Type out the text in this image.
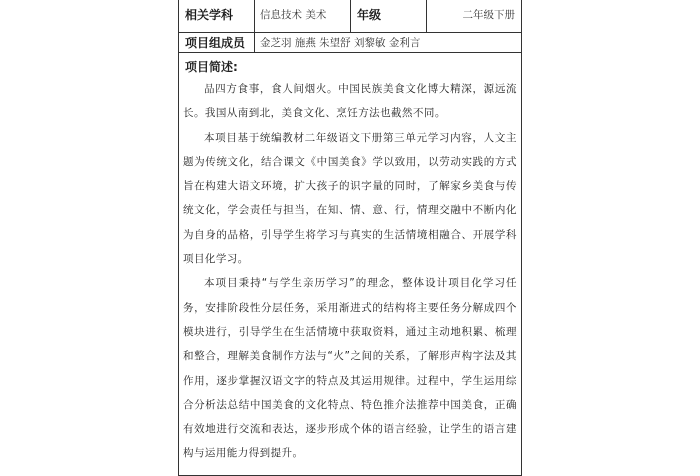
相关学科	信息技术 美术	年级	二年级下册
项目组成员	金芝羽 施燕 朱望舒 刘黎敏 金利言

项目简述:

品四方食事，食人间烟火。中国民族美食文化博大精深，源远流长。我国从南到北，美食文化、烹饪方法也截然不同。

本项目基于统编教材二年级语文下册第三单元学习内容，人文主题为传统文化，结合课文《中国美食》学以致用，以劳动实践的方式旨在构建大语文环境，扩大孩子的识字量的同时，了解家乡美食与传统文化，学会责任与担当，在知、情、意、行，情理交融中不断内化为自身的品格，引导学生将学习与真实的生活情境相融合、开展学科项目化学习。

本项目秉持“与学生亲历学习”的理念，整体设计项目化学习任务，安排阶段性分层任务，采用渐进式的结构将主要任务分解成四个模块进行，引导学生在生活情境中获取资料，通过主动地积累、梳理和整合，理解美食制作方法与“火”之间的关系，了解形声构字法及其作用，逐步掌握汉语文字的特点及其运用规律。过程中，学生运用综合分析法总结中国美食的文化特点、特色推介法推荐中国美食，正确有效地进行交流和表达，逐步形成个体的语言经验，让学生的语言建构与运用能力得到提升。
